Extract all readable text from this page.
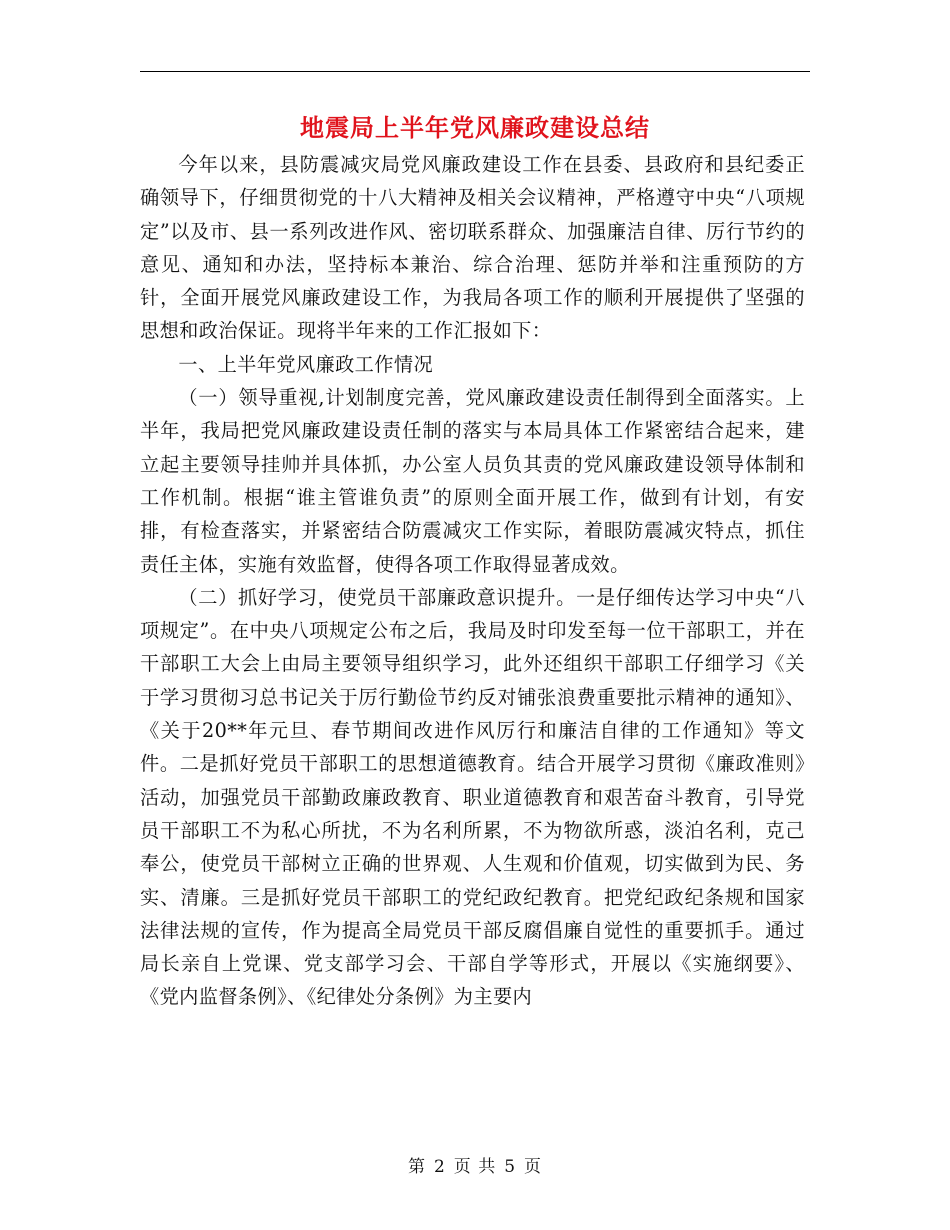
地震局上半年党风廉政建设总结

今年以来，县防震减灾局党风廉政建设工作在县委、县政府和县纪委正确领导下，仔细贯彻党的十八大精神及相关会议精神，严格遵守中央“八项规定”以及市、县一系列改进作风、密切联系群众、加强廉洁自律、厉行节约的意见、通知和办法，坚持标本兼治、综合治理、惩防并举和注重预防的方针，全面开展党风廉政建设工作，为我局各项工作的顺利开展提供了坚强的思想和政治保证。现将半年来的工作汇报如下：

一、上半年党风廉政工作情况

（一）领导重视,计划制度完善，党风廉政建设责任制得到全面落实。上半年，我局把党风廉政建设责任制的落实与本局具体工作紧密结合起来，建立起主要领导挂帅并具体抓，办公室人员负其责的党风廉政建设领导体制和工作机制。根据“谁主管谁负责”的原则全面开展工作，做到有计划，有安排，有检查落实，并紧密结合防震减灾工作实际，着眼防震减灾特点，抓住责任主体，实施有效监督，使得各项工作取得显著成效。

（二）抓好学习，使党员干部廉政意识提升。一是仔细传达学习中央“八项规定”。在中央八项规定公布之后，我局及时印发至每一位干部职工，并在干部职工大会上由局主要领导组织学习，此外还组织干部职工仔细学习《关于学习贯彻习总书记关于厉行勤俭节约反对铺张浪费重要批示精神的通知》、《关于20**年元旦、春节期间改进作风厉行和廉洁自律的工作通知》等文件。二是抓好党员干部职工的思想道德教育。结合开展学习贯彻《廉政准则》活动，加强党员干部勤政廉政教育、职业道德教育和艰苦奋斗教育，引导党员干部职工不为私心所扰，不为名利所累，不为物欲所惑，淡泊名利，克己奉公，使党员干部树立正确的世界观、人生观和价值观，切实做到为民、务实、清廉。三是抓好党员干部职工的党纪政纪教育。把党纪政纪条规和国家法律法规的宣传，作为提高全局党员干部反腐倡廉自觉性的重要抓手。通过局长亲自上党课、党支部学习会、干部自学等形式，开展以《实施纲要》、《党内监督条例》、《纪律处分条例》为主要内

第 2 页 共 5 页
